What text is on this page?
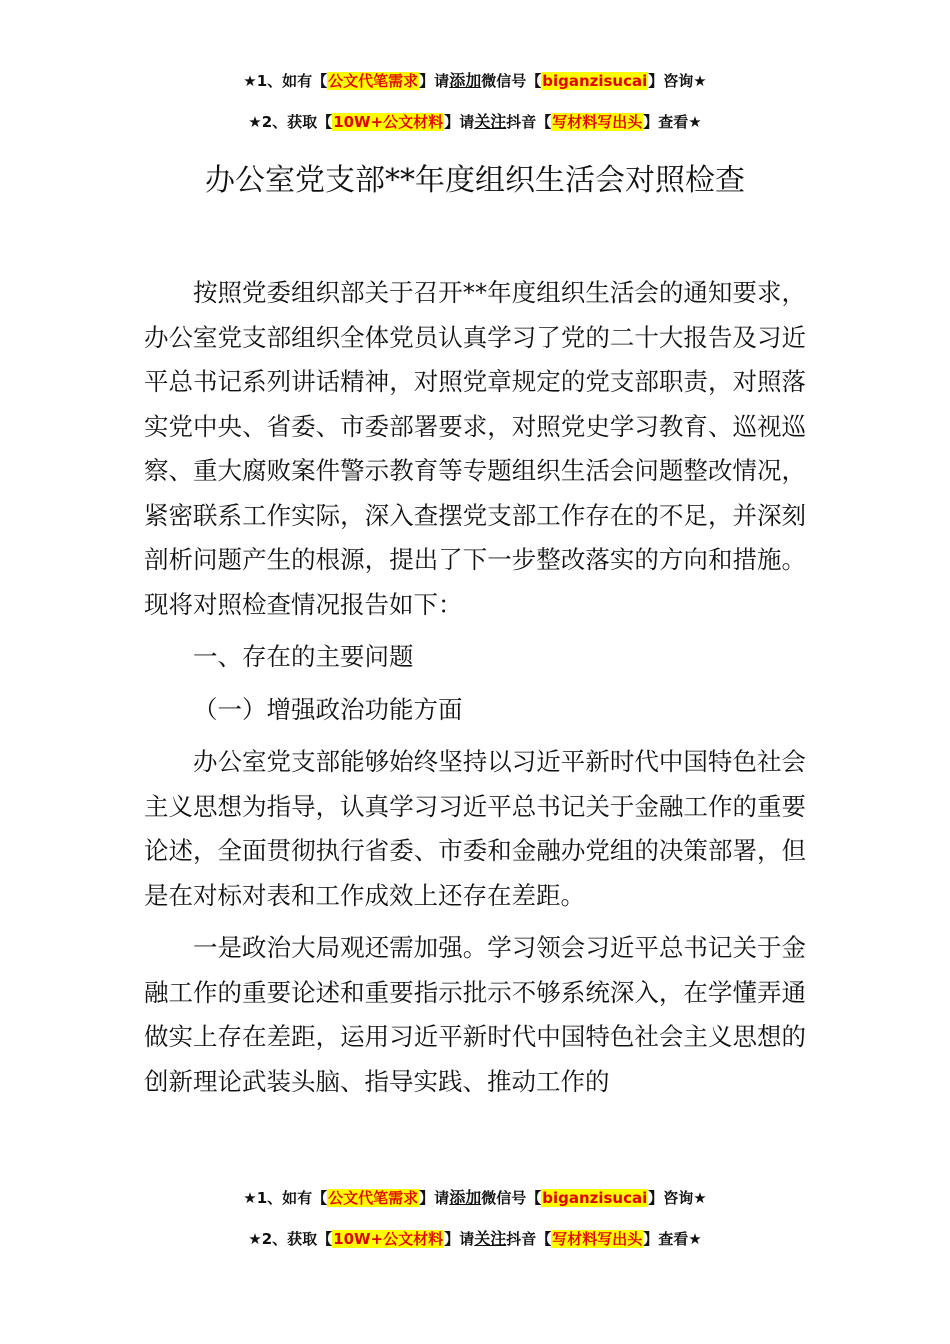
★1、如有【公文代笔需求】请添加微信号【biganzisucai】咨询★
★2、获取【10W+公文材料】请关注抖音【写材料写出头】查看★
办公室党支部**年度组织生活会对照检查

按照党委组织部关于召开**年度组织生活会的通知要求，办公室党支部组织全体党员认真学习了党的二十大报告及习近平总书记系列讲话精神，对照党章规定的党支部职责，对照落实党中央、省委、市委部署要求，对照党史学习教育、巡视巡察、重大腐败案件警示教育等专题组织生活会问题整改情况，紧密联系工作实际，深入查摆党支部工作存在的不足，并深刻剖析问题产生的根源，提出了下一步整改落实的方向和措施。现将对照检查情况报告如下：

一、存在的主要问题

（一）增强政治功能方面

办公室党支部能够始终坚持以习近平新时代中国特色社会主义思想为指导，认真学习习近平总书记关于金融工作的重要论述，全面贯彻执行省委、市委和金融办党组的决策部署，但是在对标对表和工作成效上还存在差距。

一是政治大局观还需加强。学习领会习近平总书记关于金融工作的重要论述和重要指示批示不够系统深入，在学懂弄通做实上存在差距，运用习近平新时代中国特色社会主义思想的创新理论武装头脑、指导实践、推动工作的

★1、如有【公文代笔需求】请添加微信号【biganzisucai】咨询★
★2、获取【10W+公文材料】请关注抖音【写材料写出头】查看★
